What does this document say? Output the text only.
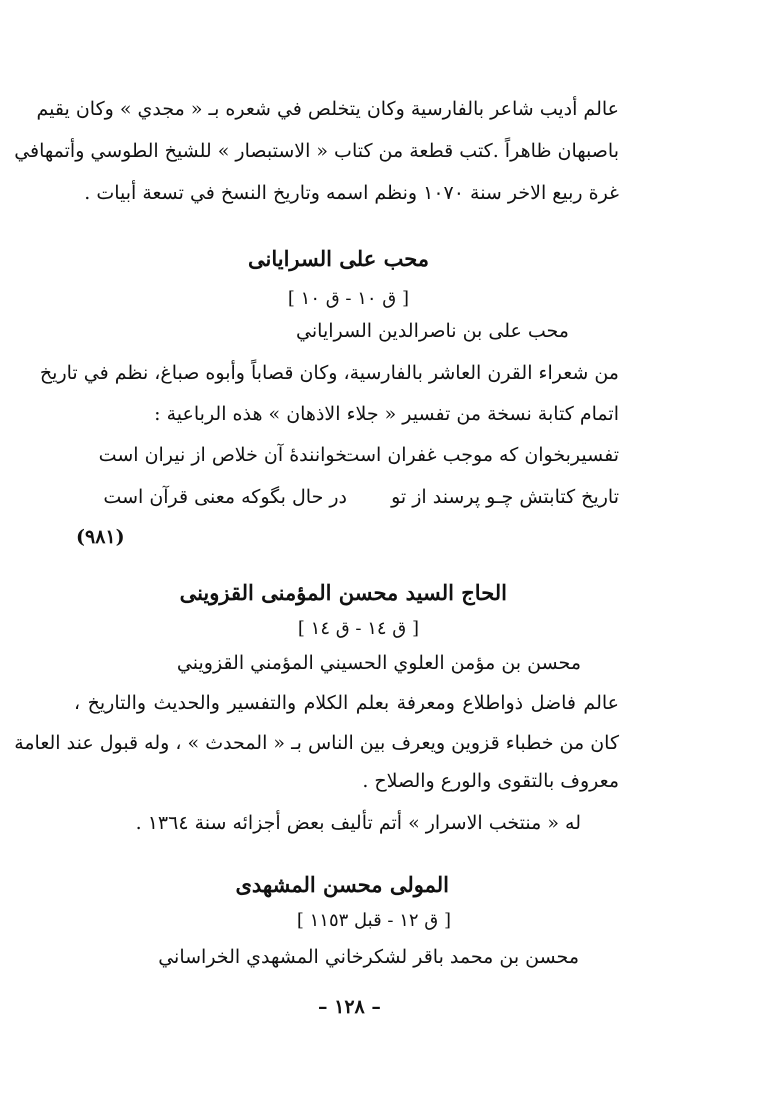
عالم أديب شاعر بالفارسية وكان يتخلص في شعره بـ « مجدي » وكان يقيم
باصبهان ظاهراً .كتب قطعة من كتاب « الاستبصار » للشيخ الطوسي وأتمهافي
غرة ربيع الاخر سنة ١٠٧٠ ونظم اسمه وتاريخ النسخ في تسعة أبيات .
محب على السرايانى
[ ق ١٠ - ق ١٠ ]
محب على بن ناصرالدين السراياني
من شعراء القرن العاشر بالفارسية، وكان قصاباً وأبوه صباغ، نظم في تاريخ
اتمام كتابة نسخة من تفسير « جلاء الاذهان » هذه الرباعية :
تفسيربخوان كه موجب غفران است
خوانندهٔ آن خلاص از نيران است
تاريخ كتابتش چـو پرسند از تو
در حال بگوكه معنى قرآن است
(٩٨١)
الحاج السيد محسن المؤمنى القزوينى
[ ق ١٤ - ق ١٤ ]
محسن بن مؤمن العلوي الحسيني المؤمني القزويني
عالم فاضل ذواطلاع ومعرفة بعلم الكلام والتفسير والحديث والتاريخ ،
كان من خطباء قزوين ويعرف بين الناس بـ « المحدث » ، وله قبول عند العامة
معروف بالتقوى والورع والصلاح .
له « منتخب الاسرار » أتم تأليف بعض أجزائه سنة ١٣٦٤ .
المولى محسن المشهدى
[ ق ١٢ - قبل ١١٥٣ ]
محسن بن محمد باقر لشكرخاني المشهدي الخراساني
– ١٢٨ –
